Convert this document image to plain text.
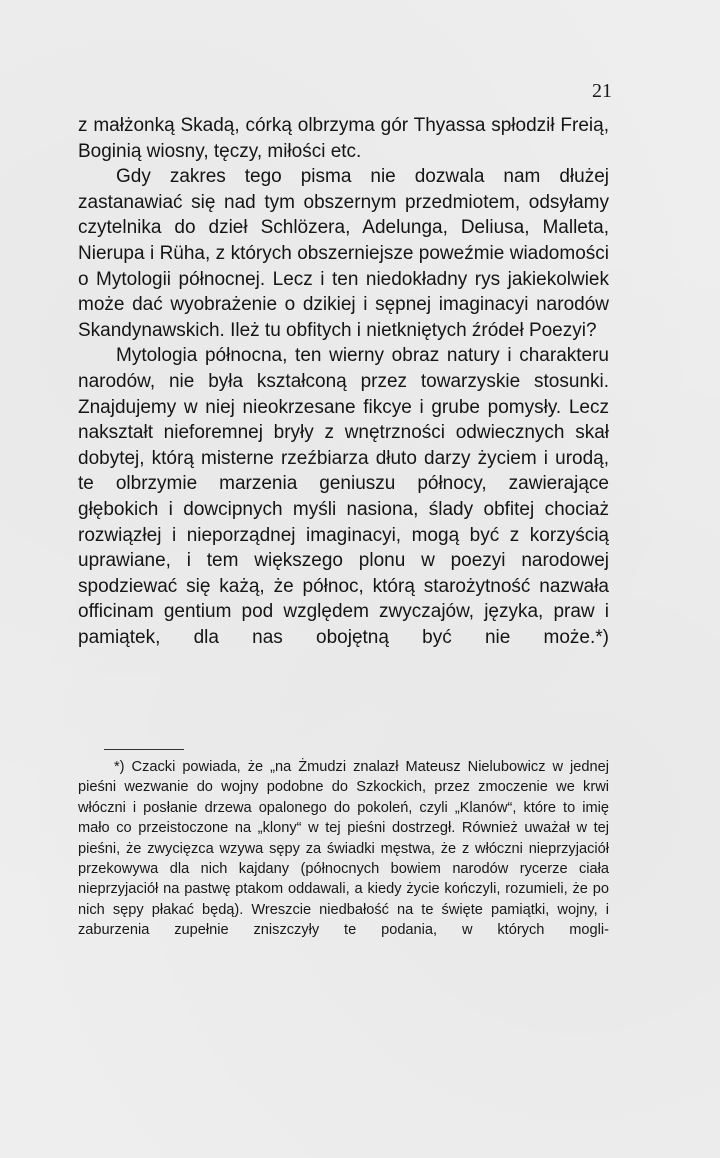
21

z małżonką Skadą, córką olbrzyma gór Thyassa spłodził Freią, Boginią wiosny, tęczy, miłości etc.

Gdy zakres tego pisma nie dozwala nam dłużej zastanawiać się nad tym obszernym przedmiotem, odsyłamy czytelnika do dzieł Schlözera, Adelunga, Deliusa, Malleta, Nierupa i Rüha, z których obszerniejsze poweźmie wiadomości o Mytologii północnej. Lecz i ten niedokładny rys jakiekolwiek może dać wyobrażenie o dzikiej i sępnej imaginacyi narodów Skandynawskich. Ileż tu obfitych i nietkniętych źródeł Poezyi?

Mytologia północna, ten wierny obraz natury i charakteru narodów, nie była kształconą przez towarzyskie stosunki. Znajdujemy w niej nieokrzesane fikcye i grube pomysły. Lecz nakształt nieforemnej bryły z wnętrzności odwiecznych skał dobytej, którą misterne rzeźbiarza dłuto darzy życiem i urodą, te olbrzymie marzenia geniuszu północy, zawierające głębokich i dowcipnych myśli nasiona, ślady obfitej chociaż rozwiązłej i nieporządnej imaginacyi, mogą być z korzyścią uprawiane, i tem większego plonu w poezyi narodowej spodziewać się każą, że północ, którą starożytność nazwała officinam gentium pod względem zwyczajów, języka, praw i pamiątek, dla nas obojętną być nie może.*)

*) Czacki powiada, że „na Żmudzi znalazł Mateusz Nielubowicz w jednej pieśni wezwanie do wojny podobne do Szkockich, przez zmoczenie we krwi włóczni i posłanie drzewa opalonego do pokoleń, czyli „Klanów“, które to imię mało co przeistoczone na „klony“ w tej pieśni dostrzegł. Również uważał w tej pieśni, że zwycięzca wzywa sępy za świadki męstwa, że z włóczni nieprzyjaciół przekowywa dla nich kajdany (północnych bowiem narodów rycerze ciała nieprzyjaciół na pastwę ptakom oddawali, a kiedy życie kończyli, rozumieli, że po nich sępy płakać będą). Wreszcie niedbałość na te święte pamiątki, wojny, i zaburzenia zupełnie zniszczyły te podania, w których mogli-
